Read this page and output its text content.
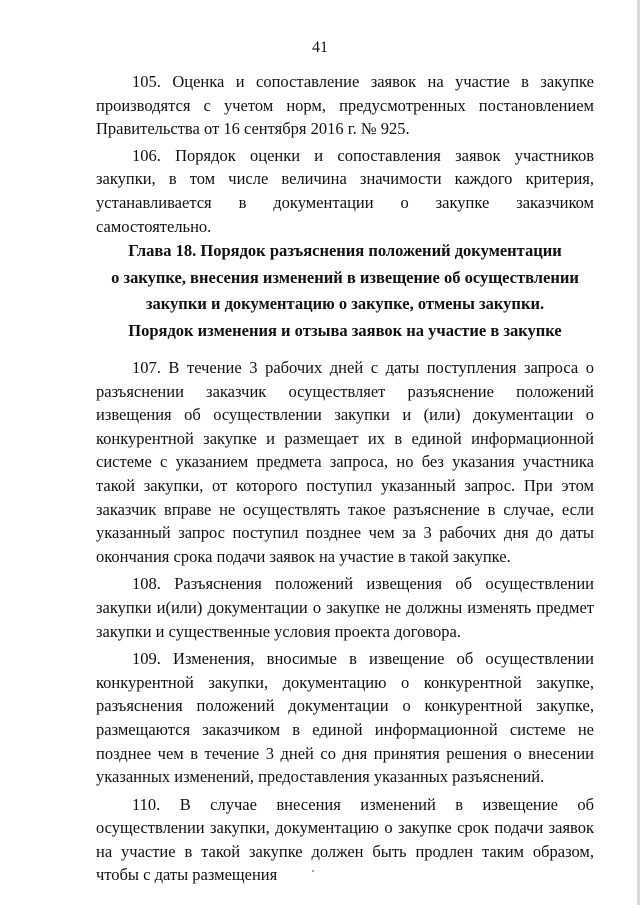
41

105. Оценка и сопоставление заявок на участие в закупке производятся с учетом норм, предусмотренных постановлением Правительства от 16 сентября 2016 г. № 925.

106. Порядок оценки и сопоставления заявок участников закупки, в том числе величина значимости каждого критерия, устанавливается в документации о закупке заказчиком самостоятельно.

Глава 18. Порядок разъяснения положений документации
о закупке, внесения изменений в извещение об осуществлении
закупки и документацию о закупке, отмены закупки.
Порядок изменения и отзыва заявок на участие в закупке

107. В течение 3 рабочих дней с даты поступления запроса о разъяснении заказчик осуществляет разъяснение положений извещения об осуществлении закупки и (или) документации о конкурентной закупке и размещает их в единой информационной системе с указанием предмета запроса, но без указания участника такой закупки, от которого поступил указанный запрос. При этом заказчик вправе не осуществлять такое разъяснение в случае, если указанный запрос поступил позднее чем за 3 рабочих дня до даты окончания срока подачи заявок на участие в такой закупке.

108. Разъяснения положений извещения об осуществлении закупки и(или) документации о закупке не должны изменять предмет закупки и существенные условия проекта договора.

109. Изменения, вносимые в извещение об осуществлении конкурентной закупки, документацию о конкурентной закупке, разъяснения положений документации о конкурентной закупке, размещаются заказчиком в единой информационной системе не позднее чем в течение 3 дней со дня принятия решения о внесении указанных изменений, предоставления указанных разъяснений.

110. В случае внесения изменений в извещение об осуществлении закупки, документацию о закупке срок подачи заявок на участие в такой закупке должен быть продлен таким образом, чтобы с даты размещения
